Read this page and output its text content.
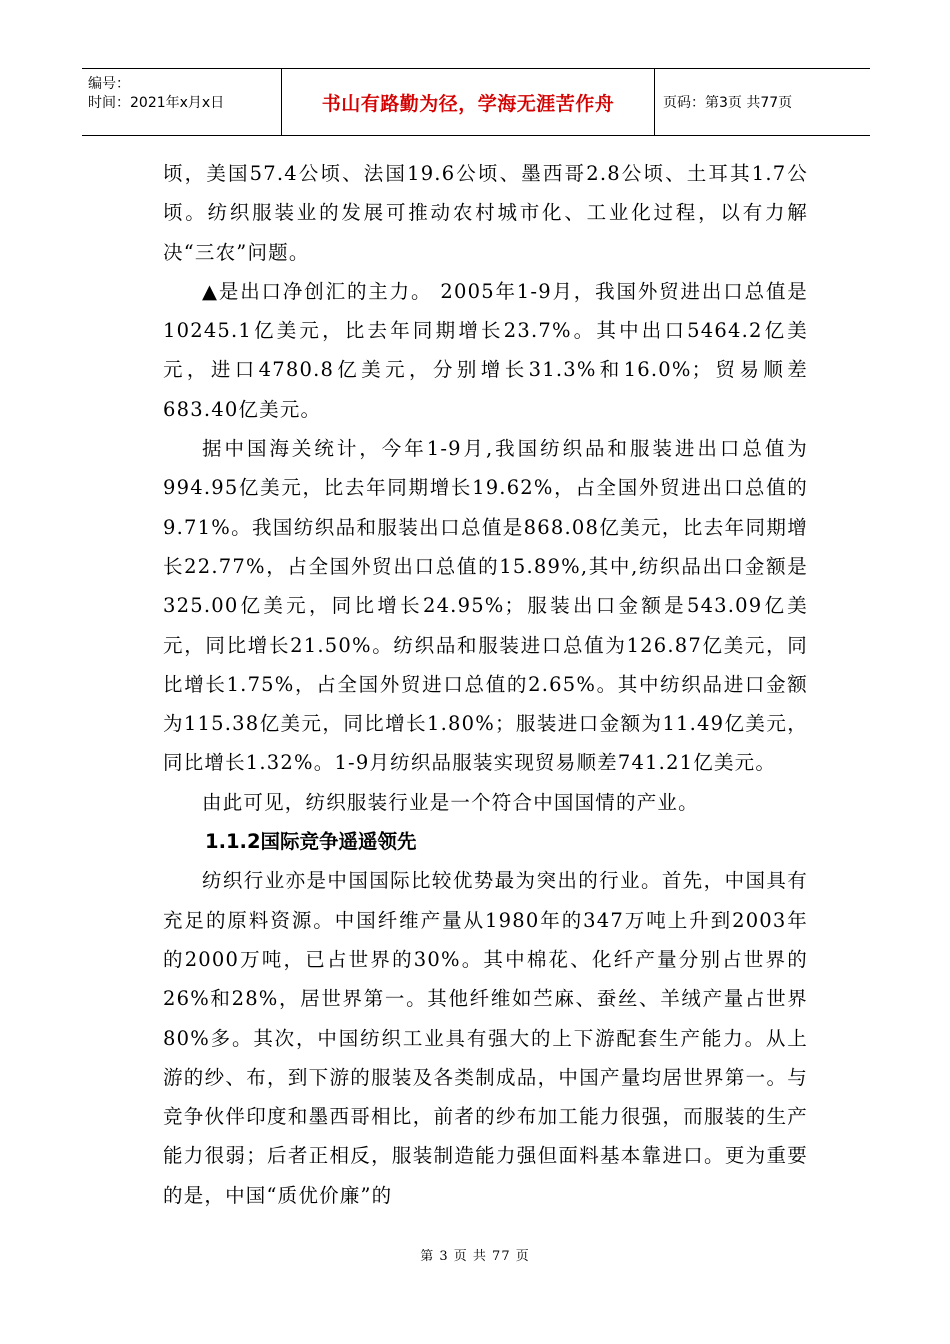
编号：
时间：2021年x月x日	书山有路勤为径，学海无涯苦作舟	页码：第3页 共77页

顷，美国57.4公顷、法国19.6公顷、墨西哥2.8公顷、土耳其1.7公顷。纺织服装业的发展可推动农村城市化、工业化过程，以有力解决“三农”问题。

▲是出口净创汇的主力。 2005年1-9月，我国外贸进出口总值是10245.1亿美元，比去年同期增长23.7%。其中出口5464.2亿美元，进口4780.8亿美元，分别增长31.3%和16.0%；贸易顺差683.40亿美元。

据中国海关统计，今年1-9月,我国纺织品和服装进出口总值为994.95亿美元，比去年同期增长19.62%，占全国外贸进出口总值的9.71%。我国纺织品和服装出口总值是868.08亿美元，比去年同期增长22.77%，占全国外贸出口总值的15.89%,其中,纺织品出口金额是325.00亿美元，同比增长24.95%；服装出口金额是543.09亿美元，同比增长21.50%。纺织品和服装进口总值为126.87亿美元，同比增长1.75%，占全国外贸进口总值的2.65%。其中纺织品进口金额为115.38亿美元，同比增长1.80%；服装进口金额为11.49亿美元，同比增长1.32%。1-9月纺织品服装实现贸易顺差741.21亿美元。

由此可见，纺织服装行业是一个符合中国国情的产业。

1.1.2国际竞争遥遥领先

纺织行业亦是中国国际比较优势最为突出的行业。首先，中国具有充足的原料资源。中国纤维产量从1980年的347万吨上升到2003年的2000万吨，已占世界的30%。其中棉花、化纤产量分别占世界的26%和28%，居世界第一。其他纤维如苎麻、蚕丝、羊绒产量占世界80%多。其次，中国纺织工业具有强大的上下游配套生产能力。从上游的纱、布，到下游的服装及各类制成品，中国产量均居世界第一。与竞争伙伴印度和墨西哥相比，前者的纱布加工能力很强，而服装的生产能力很弱；后者正相反，服装制造能力强但面料基本靠进口。更为重要的是，中国“质优价廉”的

第 3 页 共 77 页
